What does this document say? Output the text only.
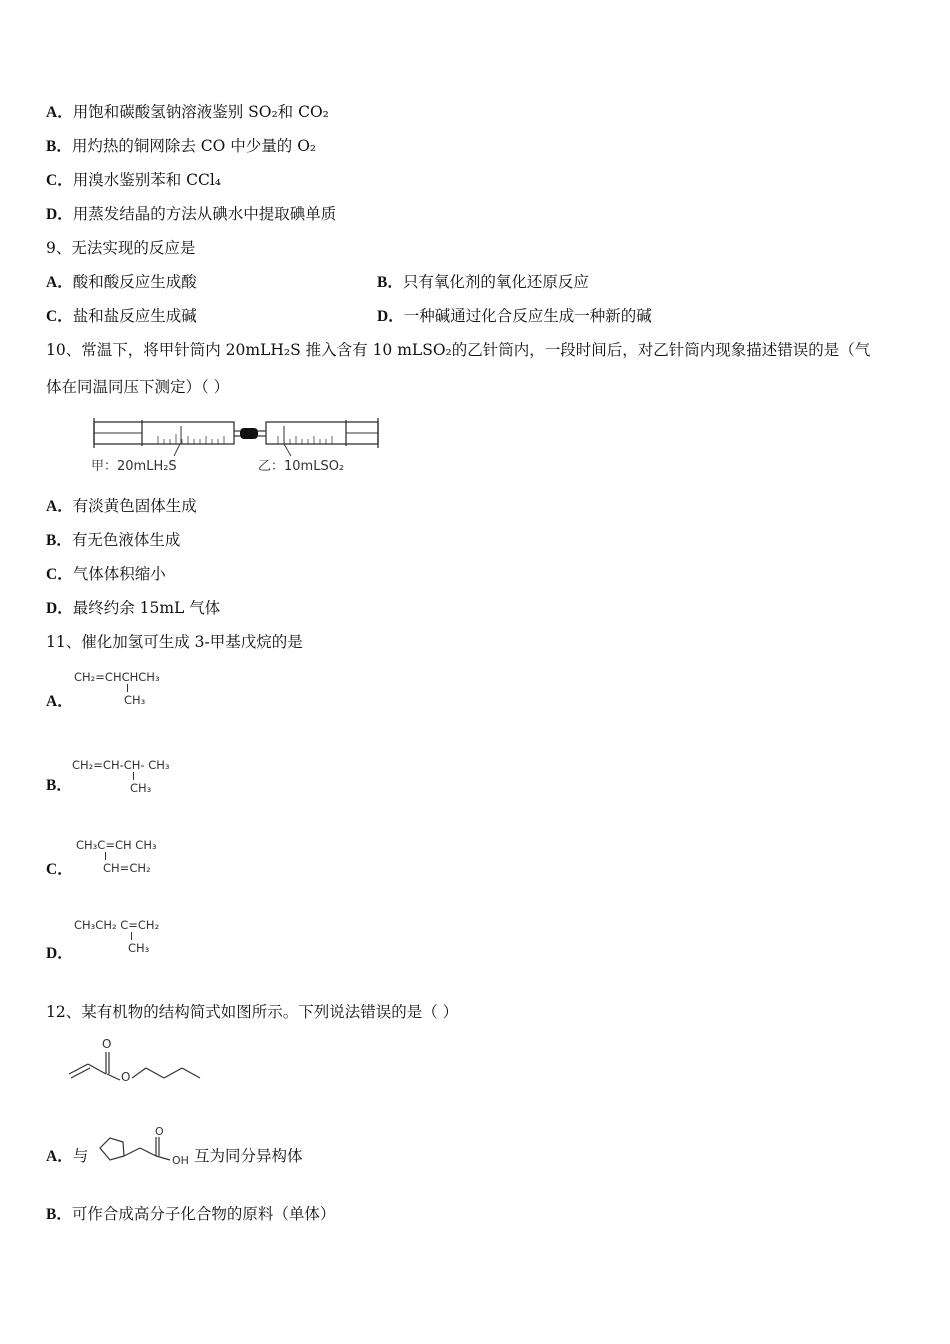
A．用饱和碳酸氢钠溶液鉴别 SO₂和 CO₂
B．用灼热的铜网除去 CO 中少量的 O₂
C．用溴水鉴别苯和 CCl₄
D．用蒸发结晶的方法从碘水中提取碘单质
9、无法实现的反应是
A．酸和酸反应生成酸	B．只有氧化剂的氧化还原反应
C．盐和盐反应生成碱	D．一种碱通过化合反应生成一种新的碱
10、常温下，将甲针筒内 20mLH₂S 推入含有 10 mLSO₂的乙针筒内，一段时间后，对乙针筒内现象描述错误的是（气
体在同温同压下测定）（ ）
甲：20mLH₂S	乙：10mLSO₂
A．有淡黄色固体生成
B．有无色液体生成
C．气体体积缩小
D．最终约余 15mL 气体
11、催化加氢可生成 3-甲基戊烷的是
CH₂=CHCHCH₃
CH₃
A．
CH₂=CH-CH- CH₃
CH₃
B．
CH₃C=CH CH₃
CH=CH₂
C．
CH₃CH₂ C=CH₂
CH₃
D．
12、某有机物的结构简式如图所示。下列说法错误的是（ ）
O
O
A．与
O
OH 互为同分异构体
B．可作合成高分子化合物的原料（单体）
